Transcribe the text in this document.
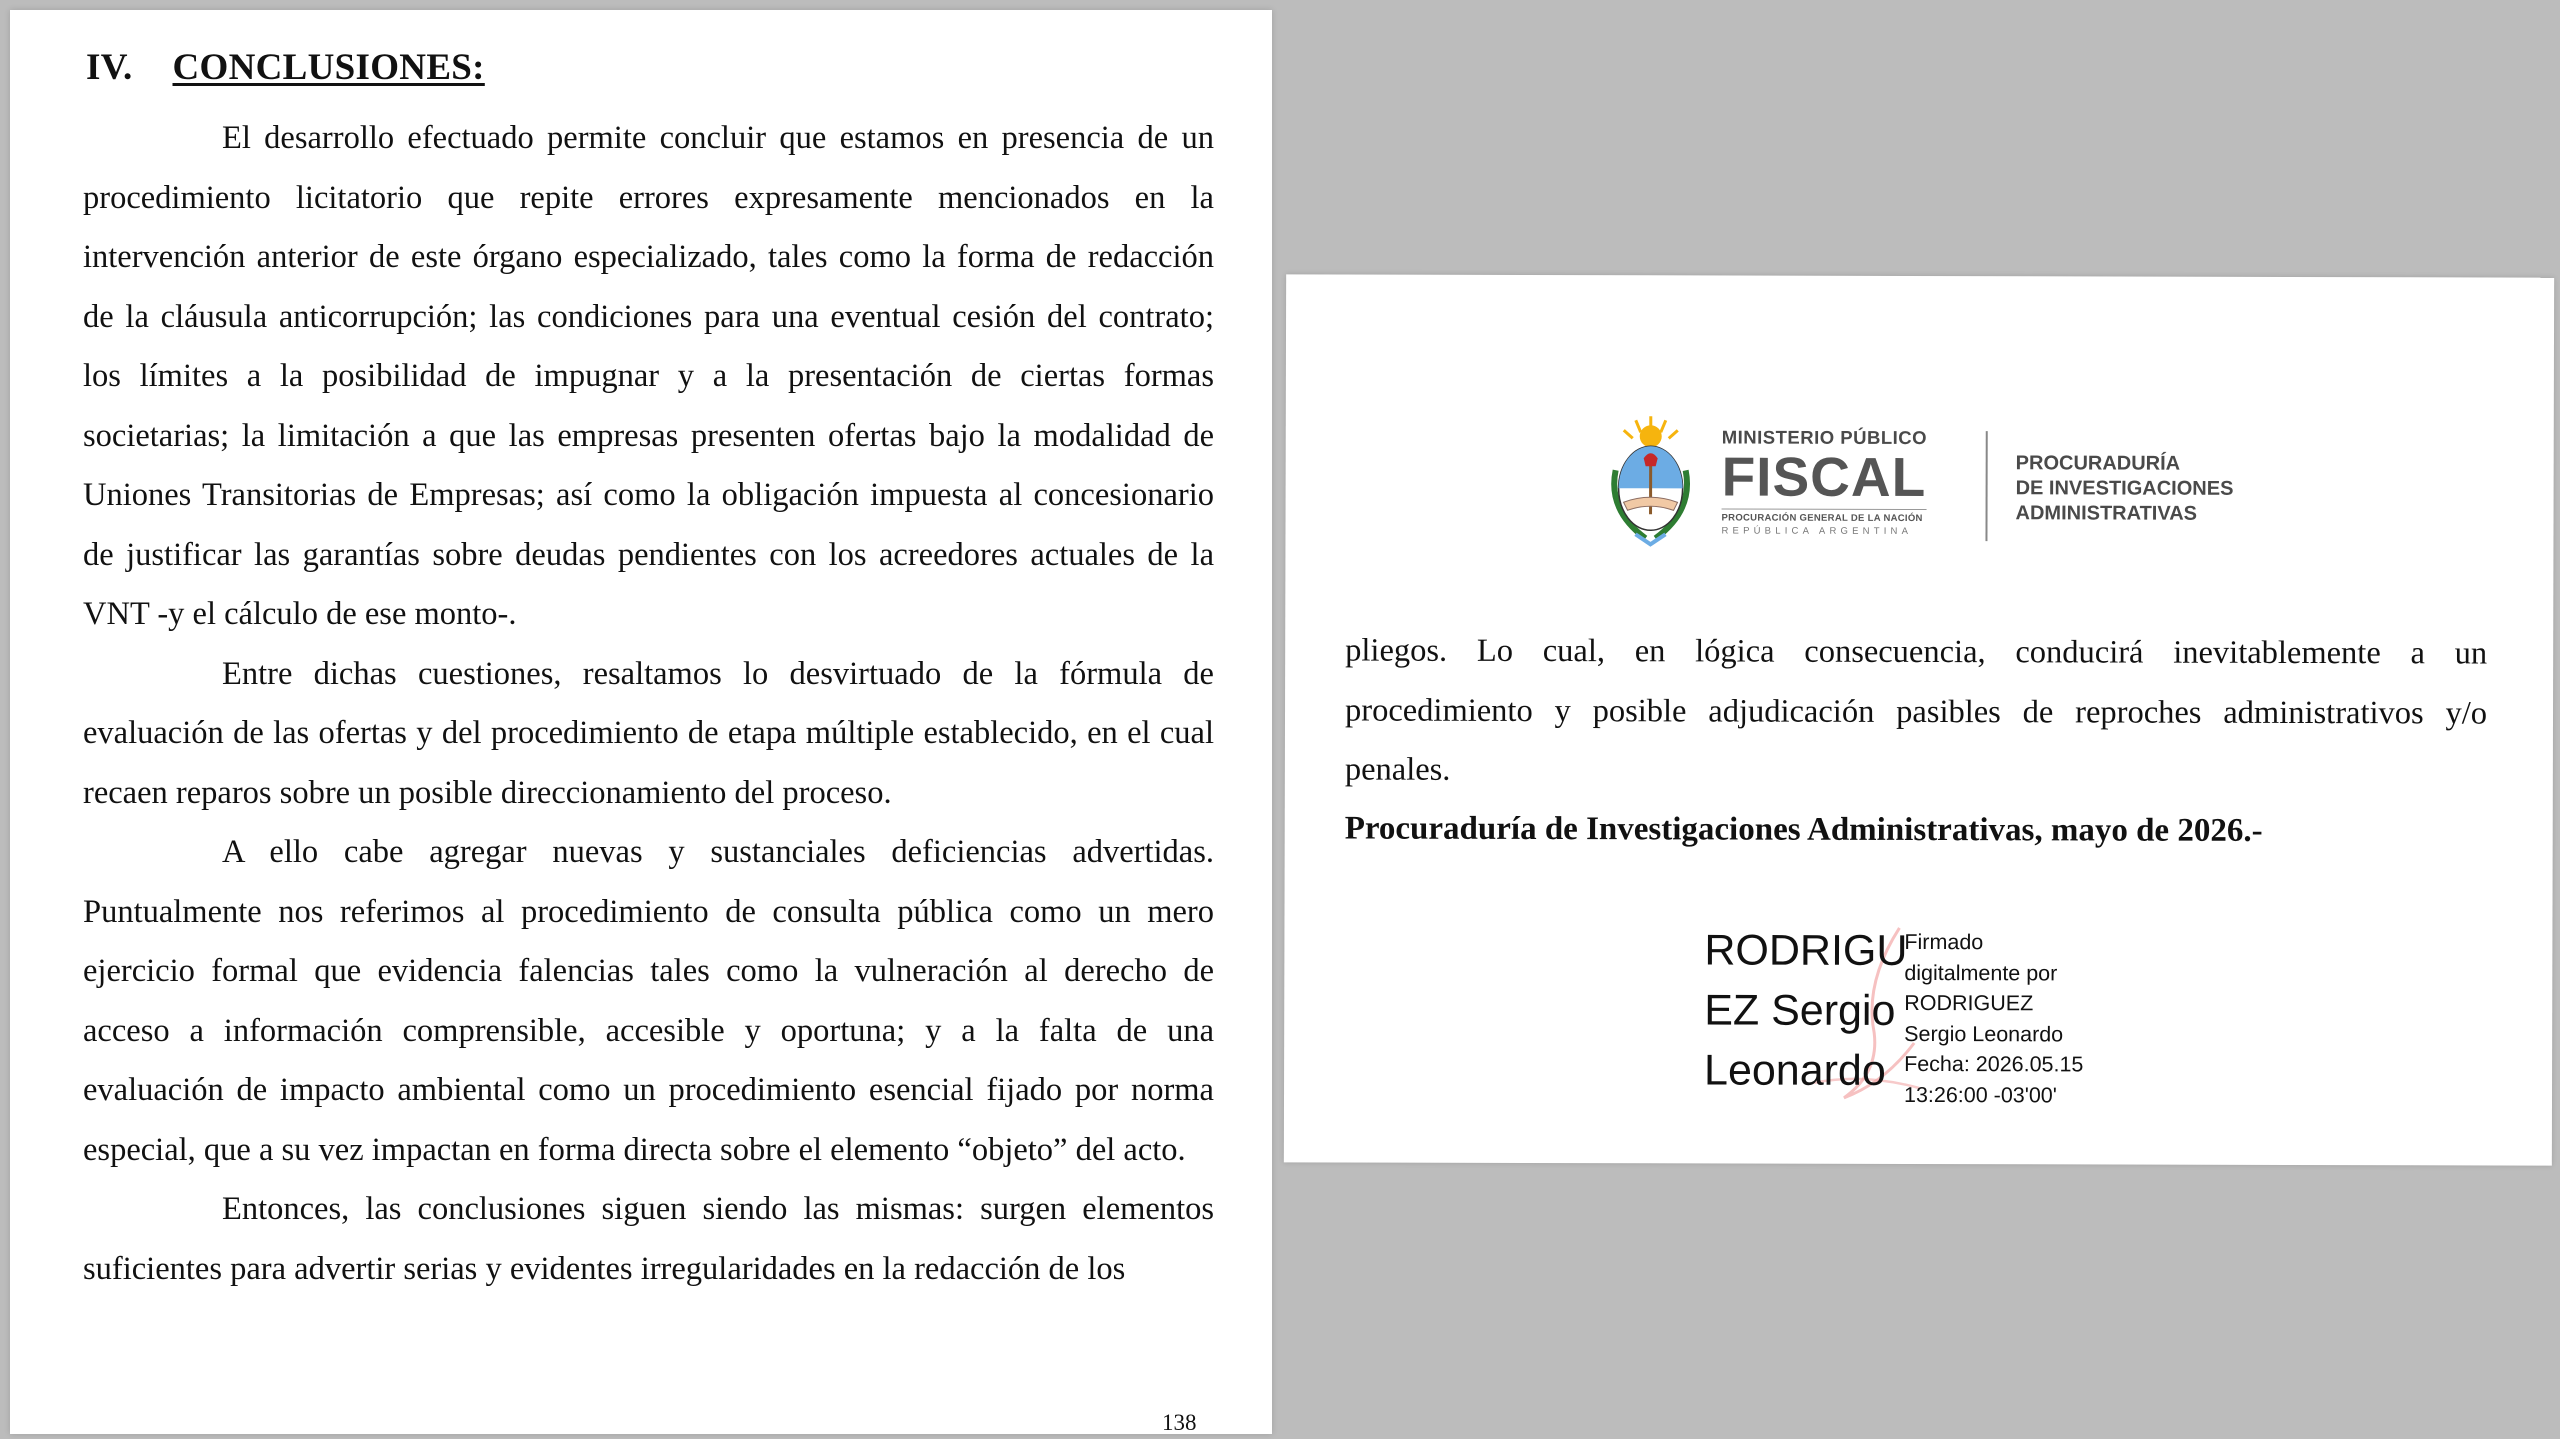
IV. CONCLUSIONES:

El desarrollo efectuado permite concluir que estamos en presencia de un procedimiento licitatorio que repite errores expresamente mencionados en la intervención anterior de este órgano especializado, tales como la forma de redacción de la cláusula anticorrupción; las condiciones para una eventual cesión del contrato; los límites a la posibilidad de impugnar y a la presentación de ciertas formas societarias; la limitación a que las empresas presenten ofertas bajo la modalidad de Uniones Transitorias de Empresas; así como la obligación impuesta al concesionario de justificar las garantías sobre deudas pendientes con los acreedores actuales de la VNT -y el cálculo de ese monto-.

Entre dichas cuestiones, resaltamos lo desvirtuado de la fórmula de evaluación de las ofertas y del procedimiento de etapa múltiple establecido, en el cual recaen reparos sobre un posible direccionamiento del proceso.

A ello cabe agregar nuevas y sustanciales deficiencias advertidas. Puntualmente nos referimos al procedimiento de consulta pública como un mero ejercicio formal que evidencia falencias tales como la vulneración al derecho de acceso a información comprensible, accesible y oportuna; y a la falta de una evaluación de impacto ambiental como un procedimiento esencial fijado por norma especial, que a su vez impactan en forma directa sobre el elemento “objeto” del acto.

Entonces, las conclusiones siguen siendo las mismas: surgen elementos suficientes para advertir serias y evidentes irregularidades en la redacción de los

138
MINISTERIO PÚBLICO
FISCAL
PROCURACIÓN GENERAL DE LA NACIÓN
REPÚBLICA ARGENTINA
PROCURADURÍA
DE INVESTIGACIONES
ADMINISTRATIVAS

pliegos. Lo cual, en lógica consecuencia, conducirá inevitablemente a un procedimiento y posible adjudicación pasibles de reproches administrativos y/o penales.

Procuraduría de Investigaciones Administrativas, mayo de 2026.-
RODRIGU
EZ Sergio
Leonardo
Firmado
digitalmente por
RODRIGUEZ
Sergio Leonardo
Fecha: 2026.05.15
13:26:00 -03'00'
